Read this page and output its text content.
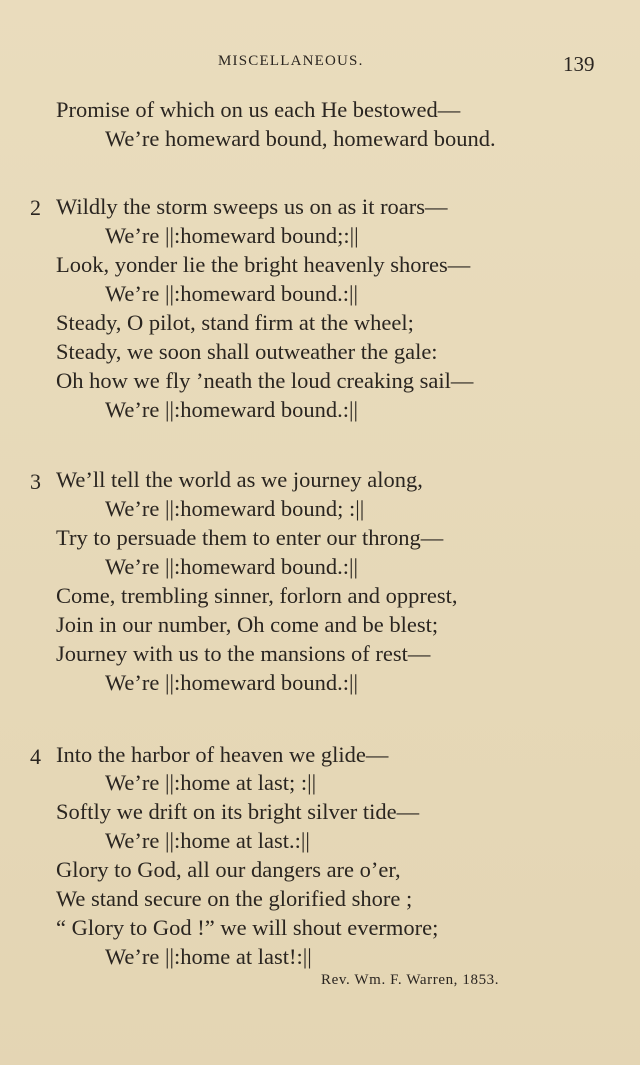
MISCELLANEOUS.	139
Promise of which on us each He bestowed—
We’re homeward bound, homeward bound.
2 Wildly the storm sweeps us on as it roars—
We’re ||:homeward bound;:||
Look, yonder lie the bright heavenly shores—
We’re ||:homeward bound.:||
Steady, O pilot, stand firm at the wheel;
Steady, we soon shall outweather the gale:
Oh how we fly ’neath the loud creaking sail—
We’re ||:homeward bound.:||
3 We’ll tell the world as we journey along,
We’re ||:homeward bound; :||
Try to persuade them to enter our throng—
We’re ||:homeward bound.:||
Come, trembling sinner, forlorn and opprest,
Join in our number, Oh come and be blest;
Journey with us to the mansions of rest—
We’re ||:homeward bound.:||
4 Into the harbor of heaven we glide—
We’re ||:home at last; :||
Softly we drift on its bright silver tide—
We’re ||:home at last.:||
Glory to God, all our dangers are o’er,
We stand secure on the glorified shore ;
“ Glory to God !” we will shout evermore;
We’re ||:home at last!:||
Rev. Wm. F. Warren, 1853.
